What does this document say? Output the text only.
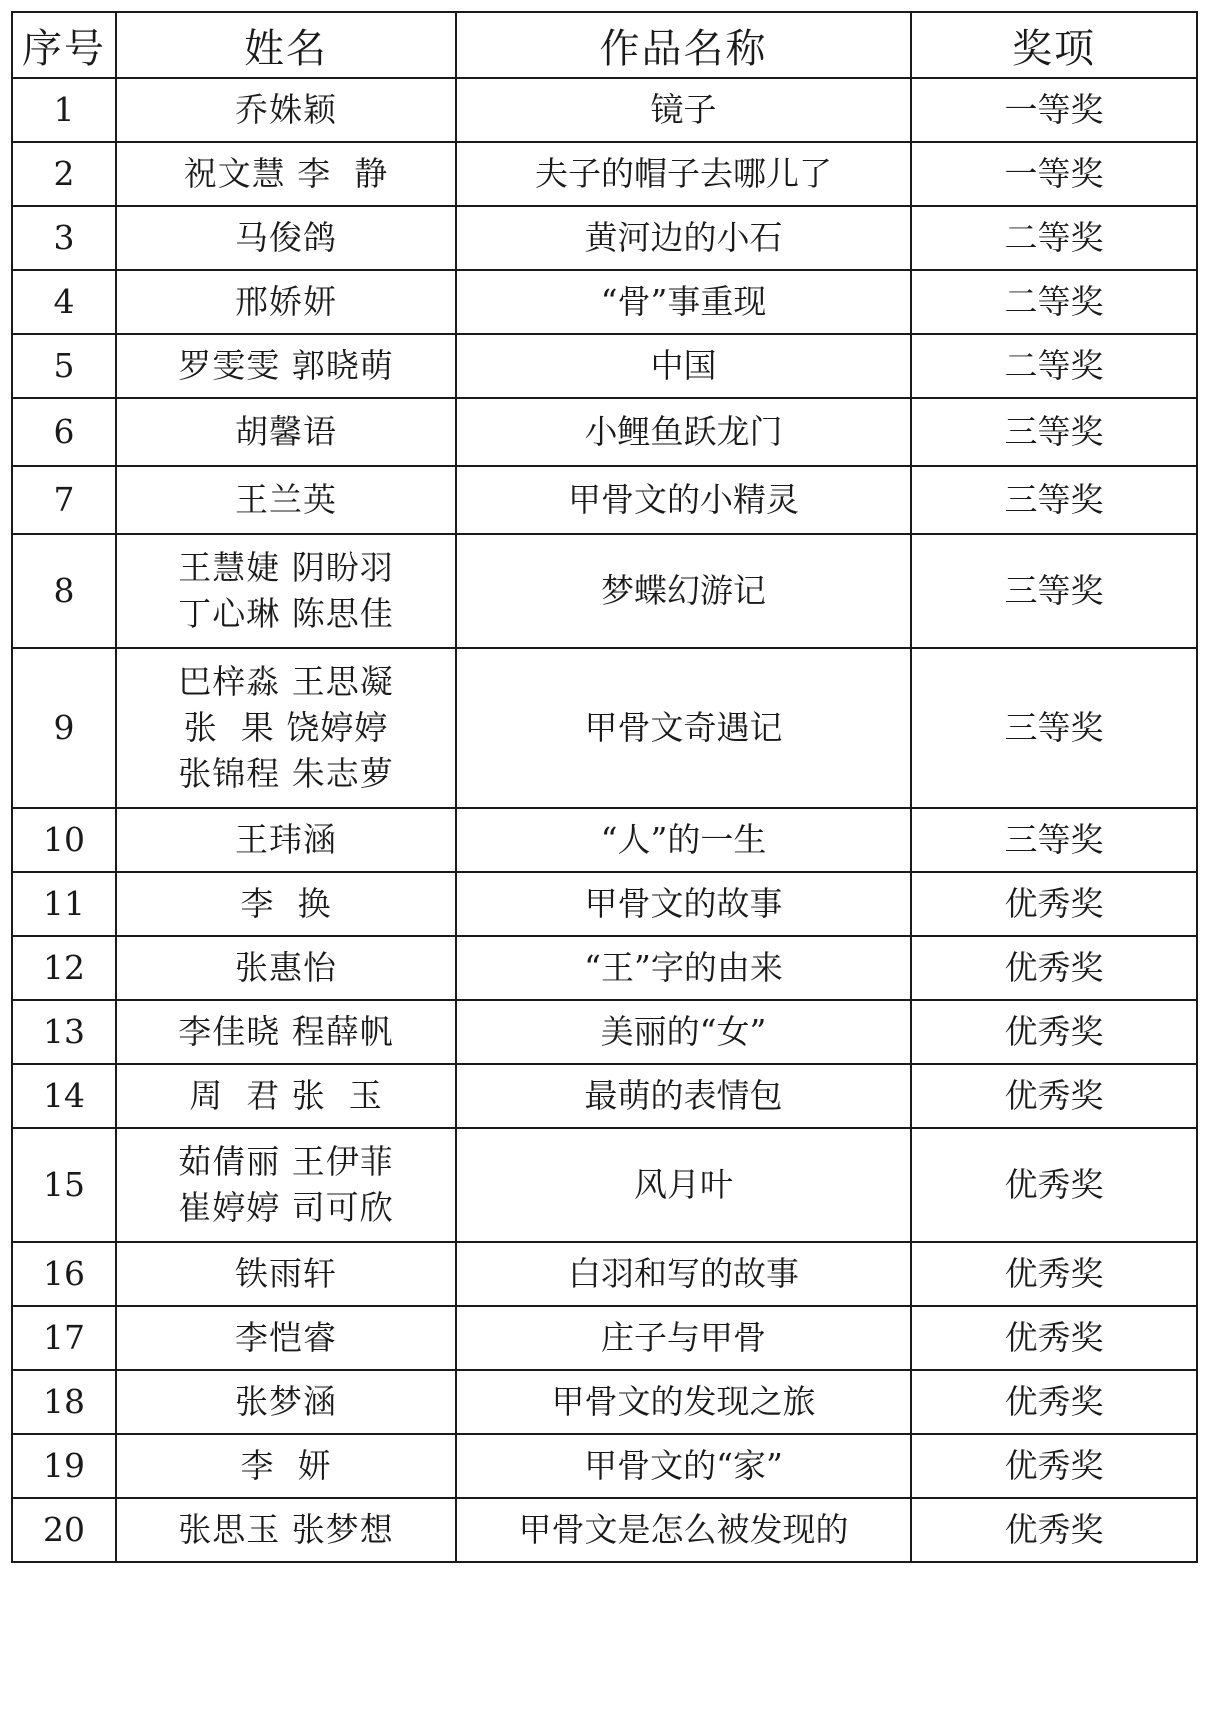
序号	姓名	作品名称	奖项
1	乔姝颖	镜子	一等奖
2	祝文慧 李  静	夫子的帽子去哪儿了	一等奖
3	马俊鸽	黄河边的小石	二等奖
4	邢娇妍	“骨”事重现	二等奖
5	罗雯雯 郭晓萌	中国	二等奖
6	胡馨语	小鲤鱼跃龙门	三等奖
7	王兰英	甲骨文的小精灵	三等奖
8	王慧婕 阴盼羽
丁心琳 陈思佳	梦蝶幻游记	三等奖
9	巴梓淼 王思凝
张  果 饶婷婷
张锦程 朱志萝	甲骨文奇遇记	三等奖
10	王玮涵	“人”的一生	三等奖
11	李  换	甲骨文的故事	优秀奖
12	张惠怡	“王”字的由来	优秀奖
13	李佳晓 程薛帆	美丽的“女”	优秀奖
14	周  君 张  玉	最萌的表情包	优秀奖
15	茹倩丽 王伊菲
崔婷婷 司可欣	风月叶	优秀奖
16	铁雨轩	白羽和写的故事	优秀奖
17	李恺睿	庄子与甲骨	优秀奖
18	张梦涵	甲骨文的发现之旅	优秀奖
19	李  妍	甲骨文的“家”	优秀奖
20	张思玉 张梦想	甲骨文是怎么被发现的	优秀奖
